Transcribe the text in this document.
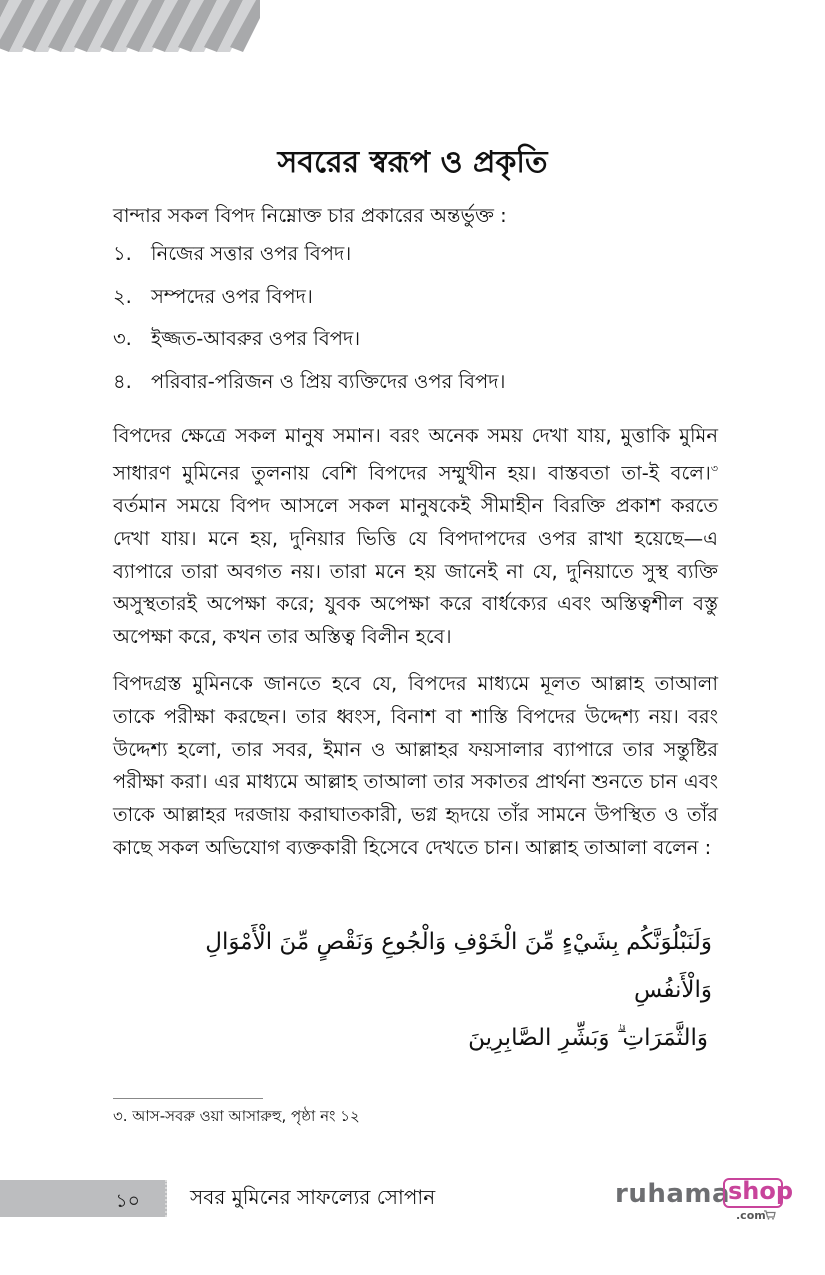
সবরের স্বরূপ ও প্রকৃতি
বান্দার সকল বিপদ নিম্নোক্ত চার প্রকারের অন্তর্ভুক্ত :
১. নিজের সত্তার ওপর বিপদ।
২. সম্পদের ওপর বিপদ।
৩. ইজ্জত-আবরুর ওপর বিপদ।
৪. পরিবার-পরিজন ও প্রিয় ব্যক্তিদের ওপর বিপদ।
বিপদের ক্ষেত্রে সকল মানুষ সমান। বরং অনেক সময় দেখা যায়, মুত্তাকি মুমিন সাধারণ মুমিনের তুলনায় বেশি বিপদের সম্মুখীন হয়। বাস্তবতা তা-ই বলে।$^৩$ বর্তমান সময়ে বিপদ আসলে সকল মানুষকেই সীমাহীন বিরক্তি প্রকাশ করতে দেখা যায়। মনে হয়, দুনিয়ার ভিত্তি যে বিপদাপদের ওপর রাখা হয়েছে—এ ব্যাপারে তারা অবগত নয়। তারা মনে হয় জানেই না যে, দুনিয়াতে সুস্থ ব্যক্তি অসুস্থতারই অপেক্ষা করে; যুবক অপেক্ষা করে বার্ধক্যের এবং অস্তিত্বশীল বস্তু অপেক্ষা করে, কখন তার অস্তিত্ব বিলীন হবে।
বিপদগ্রস্ত মুমিনকে জানতে হবে যে, বিপদের মাধ্যমে মূলত আল্লাহ তাআলা তাকে পরীক্ষা করছেন। তার ধ্বংস, বিনাশ বা শাস্তি বিপদের উদ্দেশ্য নয়। বরং উদ্দেশ্য হলো, তার সবর, ইমান ও আল্লাহর ফয়সালার ব্যাপারে তার সন্তুষ্টির পরীক্ষা করা। এর মাধ্যমে আল্লাহ তাআলা তার সকাতর প্রার্থনা শুনতে চান এবং তাকে আল্লাহর দরজায় করাঘাতকারী, ভগ্ন হৃদয়ে তাঁর সামনে উপস্থিত ও তাঁর কাছে সকল অভিযোগ ব্যক্তকারী হিসেবে দেখতে চান। আল্লাহ তাআলা বলেন :
وَلَنَبْلُوَنَّكُم بِشَيْءٍ مِّنَ الْخَوْفِ وَالْجُوعِ وَنَقْصٍ مِّنَ الْأَمْوَالِ وَالْأَنفُسِ
وَالثَّمَرَاتِ ۗ وَبَشِّرِ الصَّابِرِينَ
৩. আস-সবরু ওয়া আসারুহু, পৃষ্ঠা নং ১২
১০	সবর মুমিনের সাফল্যের সোপান	ruhama
shop
.com
